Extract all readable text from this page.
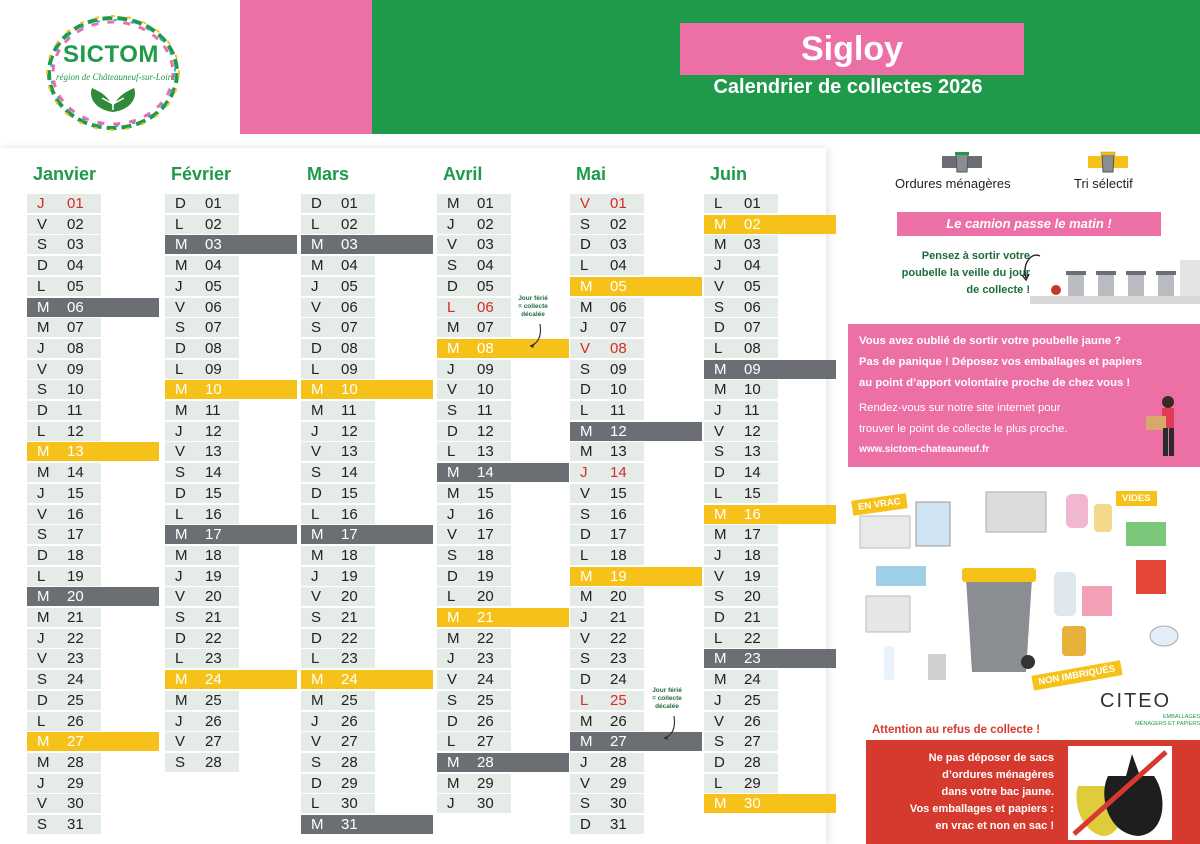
SICTOM
région de Châteauneuf-sur-Loire
Sigloy
Calendrier de collectes 2026
Janvier
J	01
V	02
S	03
D	04
L	05
M	06
M	07
J	08
V	09
S	10
D	11
L	12
M	13
M	14
J	15
V	16
S	17
D	18
L	19
M	20
M	21
J	22
V	23
S	24
D	25
L	26
M	27
M	28
J	29
V	30
S	31
Février
D	01
L	02
M	03
M	04
J	05
V	06
S	07
D	08
L	09
M	10
M	11
J	12
V	13
S	14
D	15
L	16
M	17
M	18
J	19
V	20
S	21
D	22
L	23
M	24
M	25
J	26
V	27
S	28
Mars
D	01
L	02
M	03
M	04
J	05
V	06
S	07
D	08
L	09
M	10
M	11
J	12
V	13
S	14
D	15
L	16
M	17
M	18
J	19
V	20
S	21
D	22
L	23
M	24
M	25
J	26
V	27
S	28
D	29
L	30
M	31
Avril
M	01
J	02
V	03
S	04
D	05
L	06
M	07
M	08
J	09
V	10
S	11
D	12
L	13
M	14
M	15
J	16
V	17
S	18
D	19
L	20
M	21
M	22
J	23
V	24
S	25
D	26
L	27
M	28
M	29
J	30
Mai
V	01
S	02
D	03
L	04
M	05
M	06
J	07
V	08
S	09
D	10
L	11
M	12
M	13
J	14
V	15
S	16
D	17
L	18
M	19
M	20
J	21
V	22
S	23
D	24
L	25
M	26
M	27
J	28
V	29
S	30
D	31
Juin
L	01
M	02
M	03
J	04
V	05
S	06
D	07
L	08
M	09
M	10
J	11
V	12
S	13
D	14
L	15
M	16
M	17
J	18
V	19
S	20
D	21
L	22
M	23
M	24
J	25
V	26
S	27
D	28
L	29
M	30
Jour férié
= collecte
décalée
Jour férié
= collecte
décalée
Ordures ménagères	Tri sélectif
Le camion passe le matin !
Pensez à sortir votre
poubelle la veille du jour
de collecte !
Vous avez oublié de sortir votre poubelle jaune ?
Pas de panique ! Déposez vos emballages et papiers
au point d’apport volontaire proche de chez vous !
Rendez-vous sur notre site internet pour
trouver le point de collecte le plus proche.
www.sictom-chateauneuf.fr
EN VRAC	VIDES
NON IMBRIQUÉS
CITEO
EMBALLAGES
MÉNAGERS ET PAPIERS
Attention au refus de collecte !
Ne pas déposer de sacs
d’ordures ménagères
dans votre bac jaune.
Vos emballages et papiers :
en vrac et non en sac !
